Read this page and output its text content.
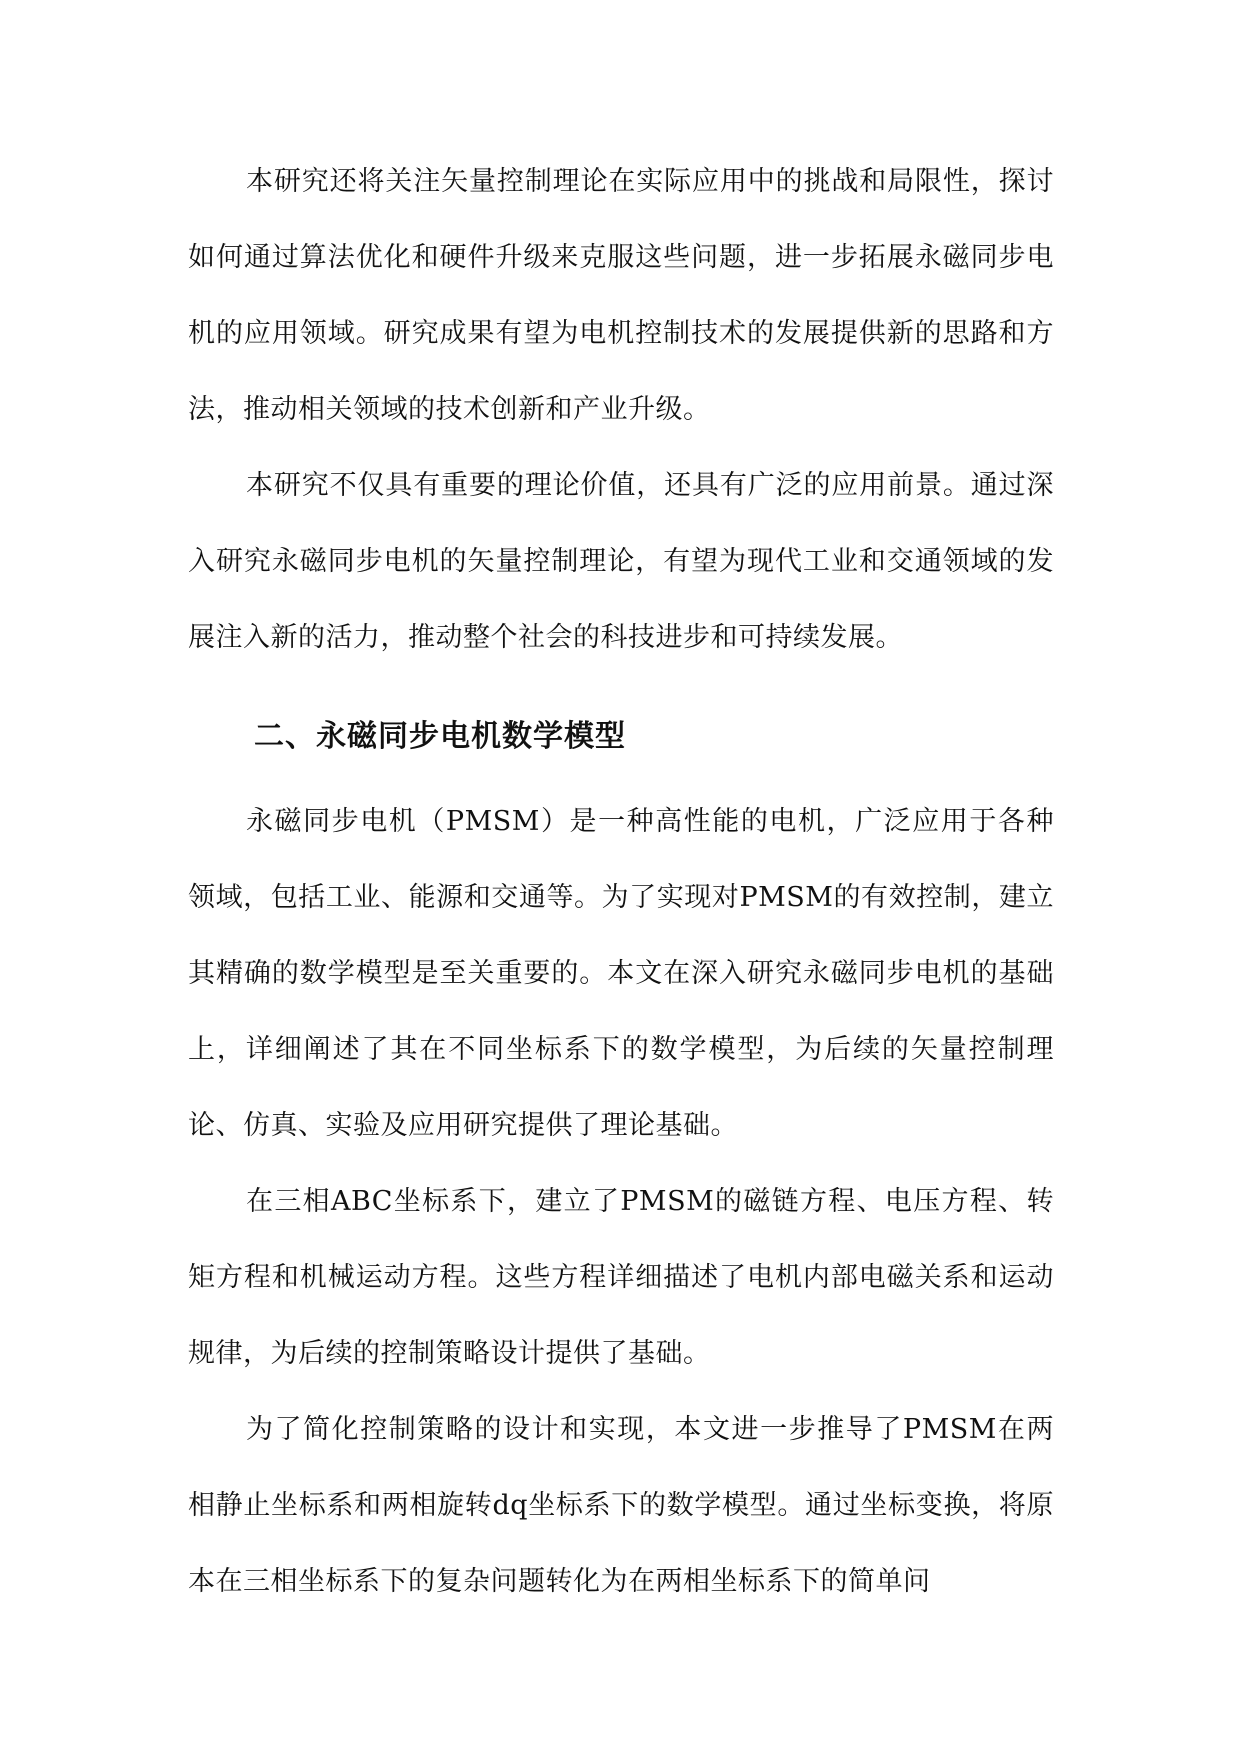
本研究还将关注矢量控制理论在实际应用中的挑战和局限性，探讨如何通过算法优化和硬件升级来克服这些问题，进一步拓展永磁同步电机的应用领域。研究成果有望为电机控制技术的发展提供新的思路和方法，推动相关领域的技术创新和产业升级。

本研究不仅具有重要的理论价值，还具有广泛的应用前景。通过深入研究永磁同步电机的矢量控制理论，有望为现代工业和交通领域的发展注入新的活力，推动整个社会的科技进步和可持续发展。

二、永磁同步电机数学模型

永磁同步电机（PMSM）是一种高性能的电机，广泛应用于各种领域，包括工业、能源和交通等。为了实现对PMSM的有效控制，建立其精确的数学模型是至关重要的。本文在深入研究永磁同步电机的基础上，详细阐述了其在不同坐标系下的数学模型，为后续的矢量控制理论、仿真、实验及应用研究提供了理论基础。

在三相ABC坐标系下，建立了PMSM的磁链方程、电压方程、转矩方程和机械运动方程。这些方程详细描述了电机内部电磁关系和运动规律，为后续的控制策略设计提供了基础。

为了简化控制策略的设计和实现，本文进一步推导了PMSM在两相静止坐标系和两相旋转dq坐标系下的数学模型。通过坐标变换，将原本在三相坐标系下的复杂问题转化为在两相坐标系下的简单问
